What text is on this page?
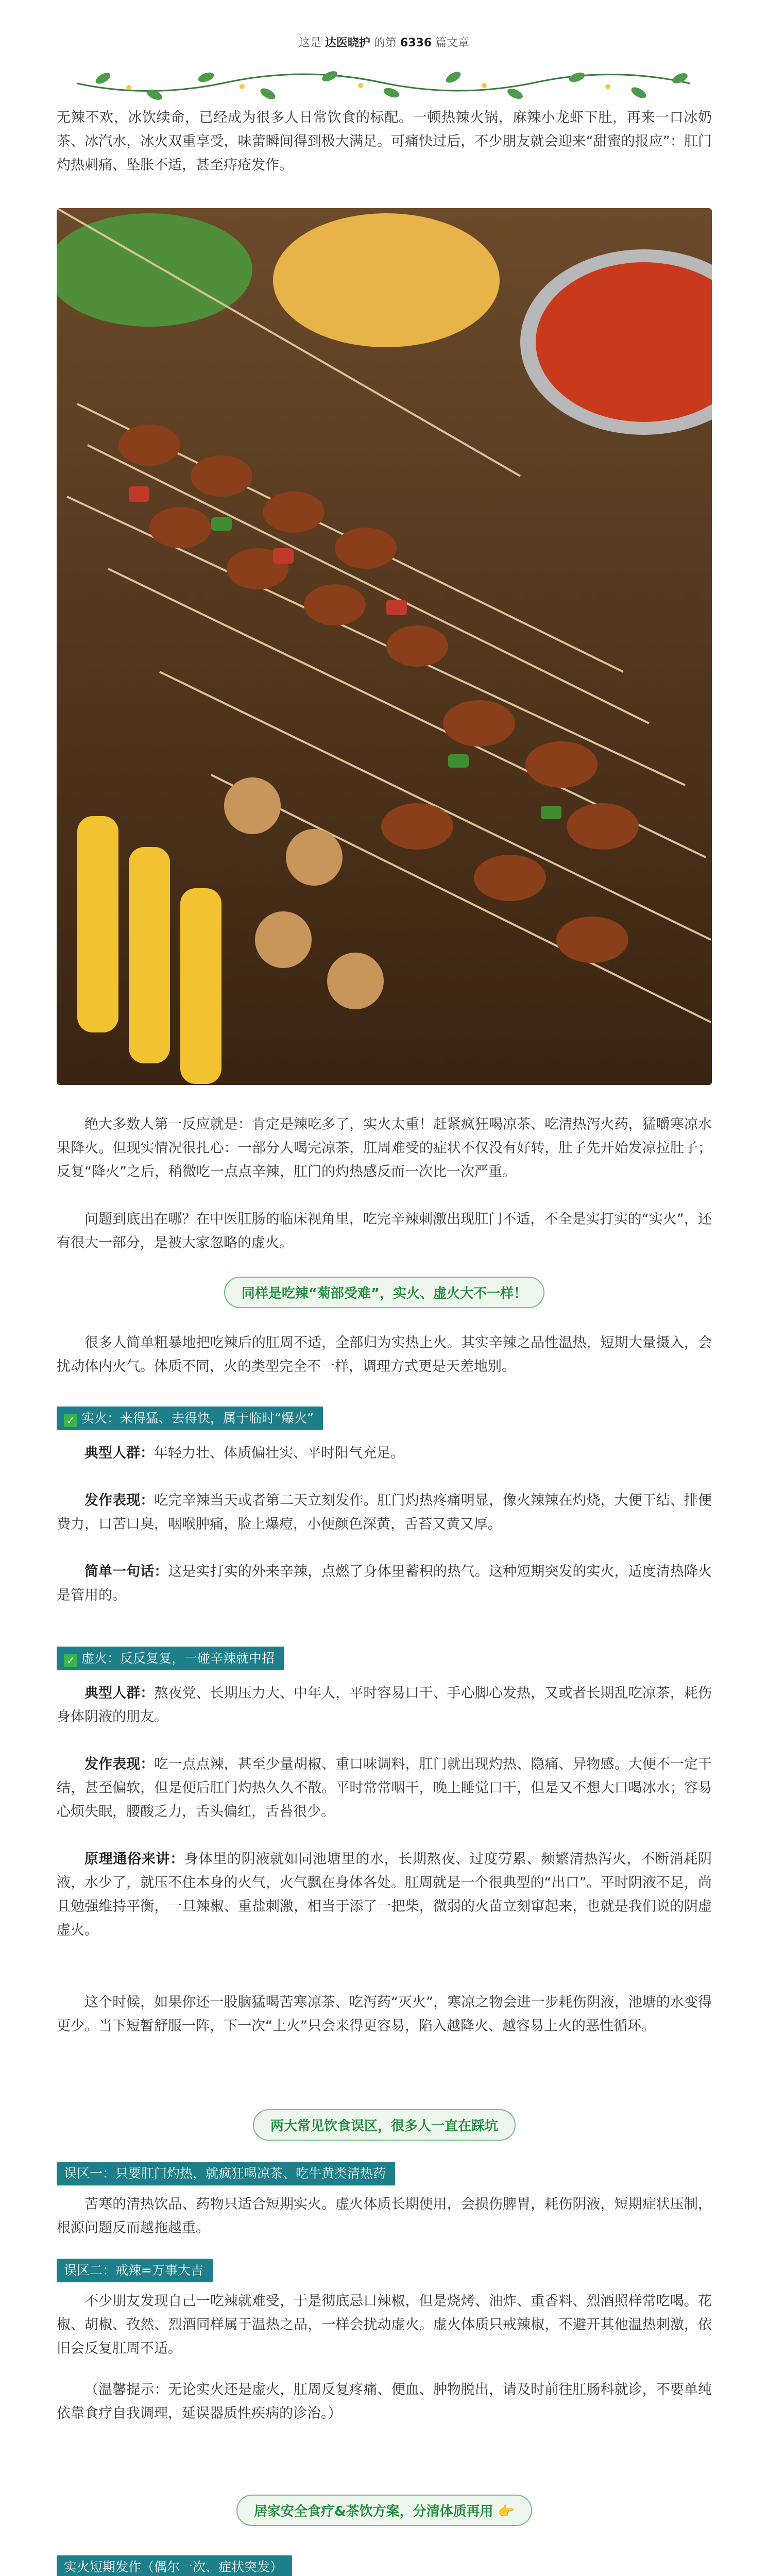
这是 达医晓护 的第 6336 篇文章

无辣不欢，冰饮续命，已经成为很多人日常饮食的标配。一顿热辣火锅，麻辣小龙虾下肚，再来一口冰奶茶、冰汽水，冰火双重享受，味蕾瞬间得到极大满足。可痛快过后，不少朋友就会迎来“甜蜜的报应”：肛门灼热刺痛、坠胀不适，甚至痔疮发作。

绝大多数人第一反应就是：肯定是辣吃多了，实火太重！赶紧疯狂喝凉茶、吃清热泻火药，猛嚼寒凉水果降火。但现实情况很扎心：一部分人喝完凉茶，肛周难受的症状不仅没有好转，肚子先开始发凉拉肚子；反复“降火”之后，稍微吃一点点辛辣，肛门的灼热感反而一次比一次严重。

问题到底出在哪？在中医肛肠的临床视角里，吃完辛辣刺激出现肛门不适，不全是实打实的“实火”，还有很大一部分，是被大家忽略的虚火。

同样是吃辣“菊部受难”，实火、虚火大不一样！

很多人简单粗暴地把吃辣后的肛周不适，全部归为实热上火。其实辛辣之品性温热，短期大量摄入，会扰动体内火气。体质不同，火的类型完全不一样，调理方式更是天差地别。

✓ 实火：来得猛、去得快，属于临时“爆火”

典型人群：年轻力壮、体质偏壮实、平时阳气充足。

发作表现：吃完辛辣当天或者第二天立刻发作。肛门灼热疼痛明显，像火辣辣在灼烧，大便干结、排便费力，口苦口臭，咽喉肿痛，脸上爆痘，小便颜色深黄，舌苔又黄又厚。

简单一句话：这是实打实的外来辛辣，点燃了身体里蓄积的热气。这种短期突发的实火，适度清热降火是管用的。

✓ 虚火：反反复复，一碰辛辣就中招

典型人群：熬夜党、长期压力大、中年人，平时容易口干、手心脚心发热，又或者长期乱吃凉茶，耗伤身体阴液的朋友。

发作表现：吃一点点辣，甚至少量胡椒、重口味调料，肛门就出现灼热、隐痛、异物感。大便不一定干结，甚至偏软，但是便后肛门灼热久久不散。平时常常咽干，晚上睡觉口干，但是又不想大口喝冰水；容易心烦失眠，腰酸乏力，舌头偏红，舌苔很少。

原理通俗来讲：身体里的阴液就如同池塘里的水，长期熬夜、过度劳累、频繁清热泻火，不断消耗阴液，水少了，就压不住本身的火气，火气飘在身体各处。肛周就是一个很典型的“出口”。平时阴液不足，尚且勉强维持平衡，一旦辣椒、重盐刺激，相当于添了一把柴，微弱的火苗立刻窜起来，也就是我们说的阴虚虚火。

这个时候，如果你还一股脑猛喝苦寒凉茶、吃泻药“灭火”，寒凉之物会进一步耗伤阴液，池塘的水变得更少。当下短暂舒服一阵，下一次“上火”只会来得更容易，陷入越降火、越容易上火的恶性循环。

两大常见饮食误区，很多人一直在踩坑
误区一：只要肛门灼热，就疯狂喝凉茶、吃牛黄类清热药

苦寒的清热饮品、药物只适合短期实火。虚火体质长期使用，会损伤脾胃，耗伤阴液，短期症状压制，根源问题反而越拖越重。

误区二：戒辣=万事大吉

不少朋友发现自己一吃辣就难受，于是彻底忌口辣椒，但是烧烤、油炸、重香料、烈酒照样常吃喝。花椒、胡椒、孜然、烈酒同样属于温热之品，一样会扰动虚火。虚火体质只戒辣椒，不避开其他温热刺激，依旧会反复肛周不适。

（温馨提示：无论实火还是虚火，肛周反复疼痛、便血、肿物脱出，请及时前往肛肠科就诊，不要单纯依靠食疗自我调理，延误器质性疾病的诊治。）

居家安全食疗&茶饮方案，分清体质再用 👉
实火短期发作（偶尔一次、症状突发）
